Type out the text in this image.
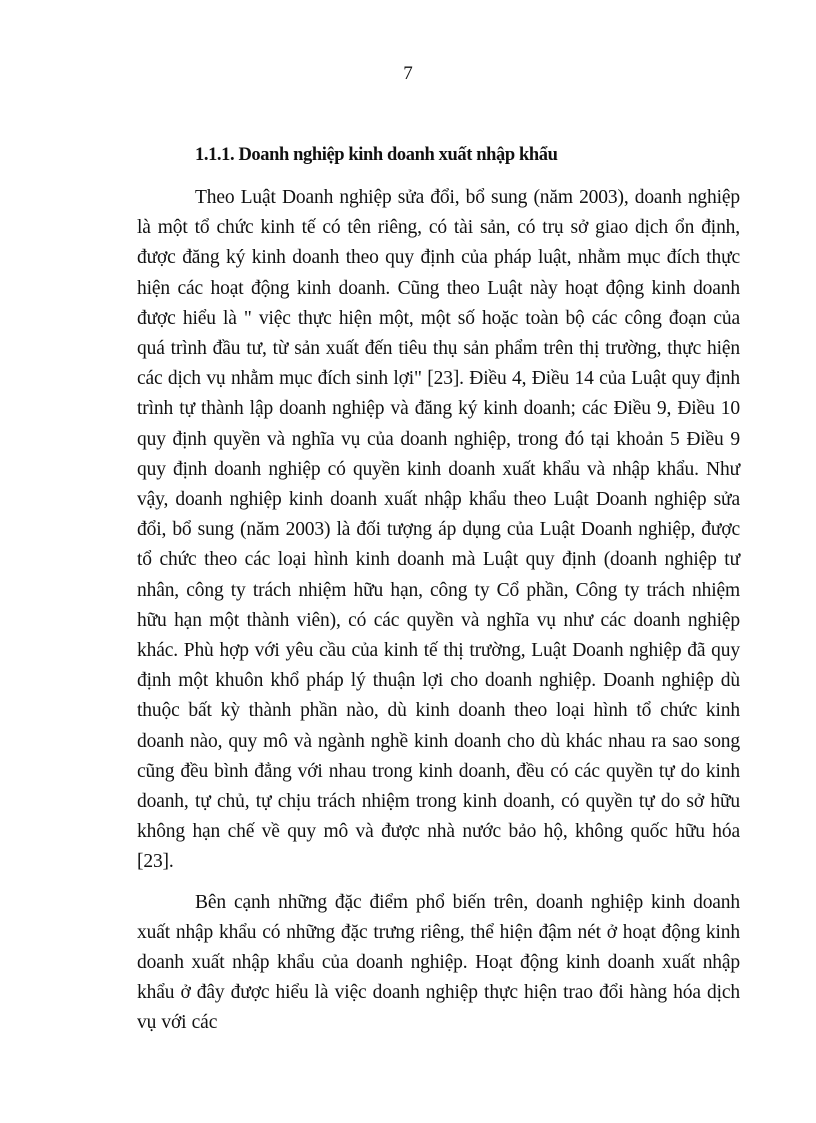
7
1.1.1. Doanh nghiệp kinh doanh xuất nhập khẩu

Theo Luật Doanh nghiệp sửa đổi, bổ sung (năm 2003), doanh nghiệp là một tổ chức kinh tế có tên riêng, có tài sản, có trụ sở giao dịch ổn định, được đăng ký kinh doanh theo quy định của pháp luật, nhằm mục đích thực hiện các hoạt động kinh doanh. Cũng theo Luật này hoạt động kinh doanh được hiểu là " việc thực hiện một, một số hoặc toàn bộ các công đoạn của quá trình đầu tư, từ sản xuất đến tiêu thụ sản phẩm trên thị trường, thực hiện các dịch vụ nhằm mục đích sinh lợi" [23]. Điều 4, Điều 14 của Luật quy định trình tự thành lập doanh nghiệp và đăng ký kinh doanh; các Điều 9, Điều 10 quy định quyền và nghĩa vụ của doanh nghiệp, trong đó tại khoản 5 Điều 9 quy định doanh nghiệp có quyền kinh doanh xuất khẩu và nhập khẩu. Như vậy, doanh nghiệp kinh doanh xuất nhập khẩu theo Luật Doanh nghiệp sửa đổi, bổ sung (năm 2003) là đối tượng áp dụng của Luật Doanh nghiệp, được tổ chức theo các loại hình kinh doanh mà Luật quy định (doanh nghiệp tư nhân, công ty trách nhiệm hữu hạn, công ty Cổ phần, Công ty trách nhiệm hữu hạn một thành viên), có các quyền và nghĩa vụ như các doanh nghiệp khác. Phù hợp với yêu cầu của kinh tế thị trường, Luật Doanh nghiệp đã quy định một khuôn khổ pháp lý thuận lợi cho doanh nghiệp. Doanh nghiệp dù thuộc bất kỳ thành phần nào, dù kinh doanh theo loại hình tổ chức kinh doanh nào, quy mô và ngành nghề kinh doanh cho dù khác nhau ra sao song cũng đều bình đẳng với nhau trong kinh doanh, đều có các quyền tự do kinh doanh, tự chủ, tự chịu trách nhiệm trong kinh doanh, có quyền tự do sở hữu không hạn chế về quy mô và được nhà nước bảo hộ, không quốc hữu hóa [23].

Bên cạnh những đặc điểm phổ biến trên, doanh nghiệp kinh doanh xuất nhập khẩu có những đặc trưng riêng, thể hiện đậm nét ở hoạt động kinh doanh xuất nhập khẩu của doanh nghiệp. Hoạt động kinh doanh xuất nhập khẩu ở đây được hiểu là việc doanh nghiệp thực hiện trao đổi hàng hóa dịch vụ với các
